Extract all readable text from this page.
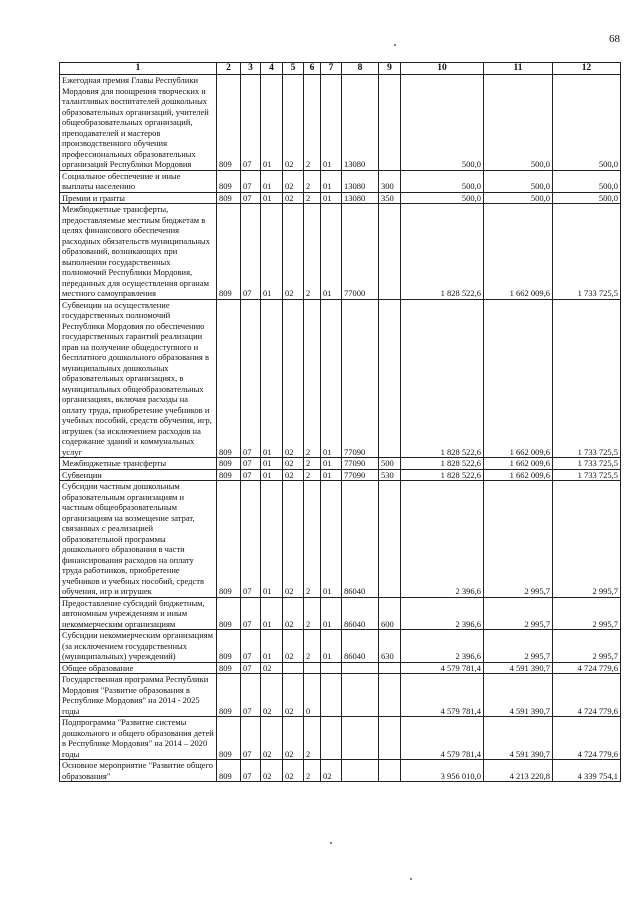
68
1	2	3	4	5	6	7	8	9	10	11	12
Ежегодная премия Главы Республики Мордовия для поощрения творческих и талантливых воспитателей дошкольных образовательных организаций, учителей общеобразовательных организаций, преподавателей и мастеров производственного обучения профессиональных образовательных организаций Республики Мордовия	809	07	01	02	2	01	13080		500,0	500,0	500,0
Социальное обеспечение и иные выплаты населению	809	07	01	02	2	01	13080	300	500,0	500,0	500,0
Премии и гранты	809	07	01	02	2	01	13080	350	500,0	500,0	500,0
Межбюджетные трансферты, предоставляемые местным бюджетам в целях финансового обеспечения расходных обязательств муниципальных образований, возникающих при выполнении государственных полномочий Республики Мордовия, переданных для осуществления органам местного самоуправления	809	07	01	02	2	01	77000		1 828 522,6	1 662 009,6	1 733 725,5
Субвенции на осуществление государственных полномочий Республики Мордовия по обеспечению государственных гарантий реализации прав на получение общедоступного и бесплатного дошкольного образования в муниципальных дошкольных образовательных организациях, в муниципальных общеобразовательных организациях, включая расходы на оплату труда, приобретение учебников и учебных пособий, средств обучения, игр, игрушек (за исключением расходов на содержание зданий и коммунальных услуг	809	07	01	02	2	01	77090		1 828 522,6	1 662 009,6	1 733 725,5
Межбюджетные трансферты	809	07	01	02	2	01	77090	500	1 828 522,6	1 662 009,6	1 733 725,5
Субвенции	809	07	01	02	2	01	77090	530	1 828 522,6	1 662 009,6	1 733 725,5
Субсидии частным дошкольным образовательным организациям и частным общеобразовательным организациям на возмещение затрат, связанных с реализацией образовательной программы дошкольного образования в части финансирования расходов на оплату труда работников, приобретение учебников и учебных пособий, средств обучения, игр и игрушек	809	07	01	02	2	01	86040		2 396,6	2 995,7	2 995,7
Предоставление субсидий бюджетным, автономным учреждениям и иным некоммерческим организациям	809	07	01	02	2	01	86040	600	2 396,6	2 995,7	2 995,7
Субсидии некоммерческим организациям (за исключением государственных (муниципальных) учреждений)	809	07	01	02	2	01	86040	630	2 396,6	2 995,7	2 995,7
Общее образование	809	07	02						4 579 781,4	4 591 390,7	4 724 779,6
Государственная программа Республики Мордовия "Развитие образования в Республике Мордовия" на 2014 - 2025 годы	809	07	02	02	0				4 579 781,4	4 591 390,7	4 724 779,6
Подпрограмма "Развитие системы дошкольного и общего образования детей в Республике Мордовия" на 2014 – 2020 годы	809	07	02	02	2				4 579 781,4	4 591 390,7	4 724 779,6
Основное мероприятие "Развитие общего образования"	809	07	02	02	2	02			3 956 010,0	4 213 220,8	4 339 754,1
